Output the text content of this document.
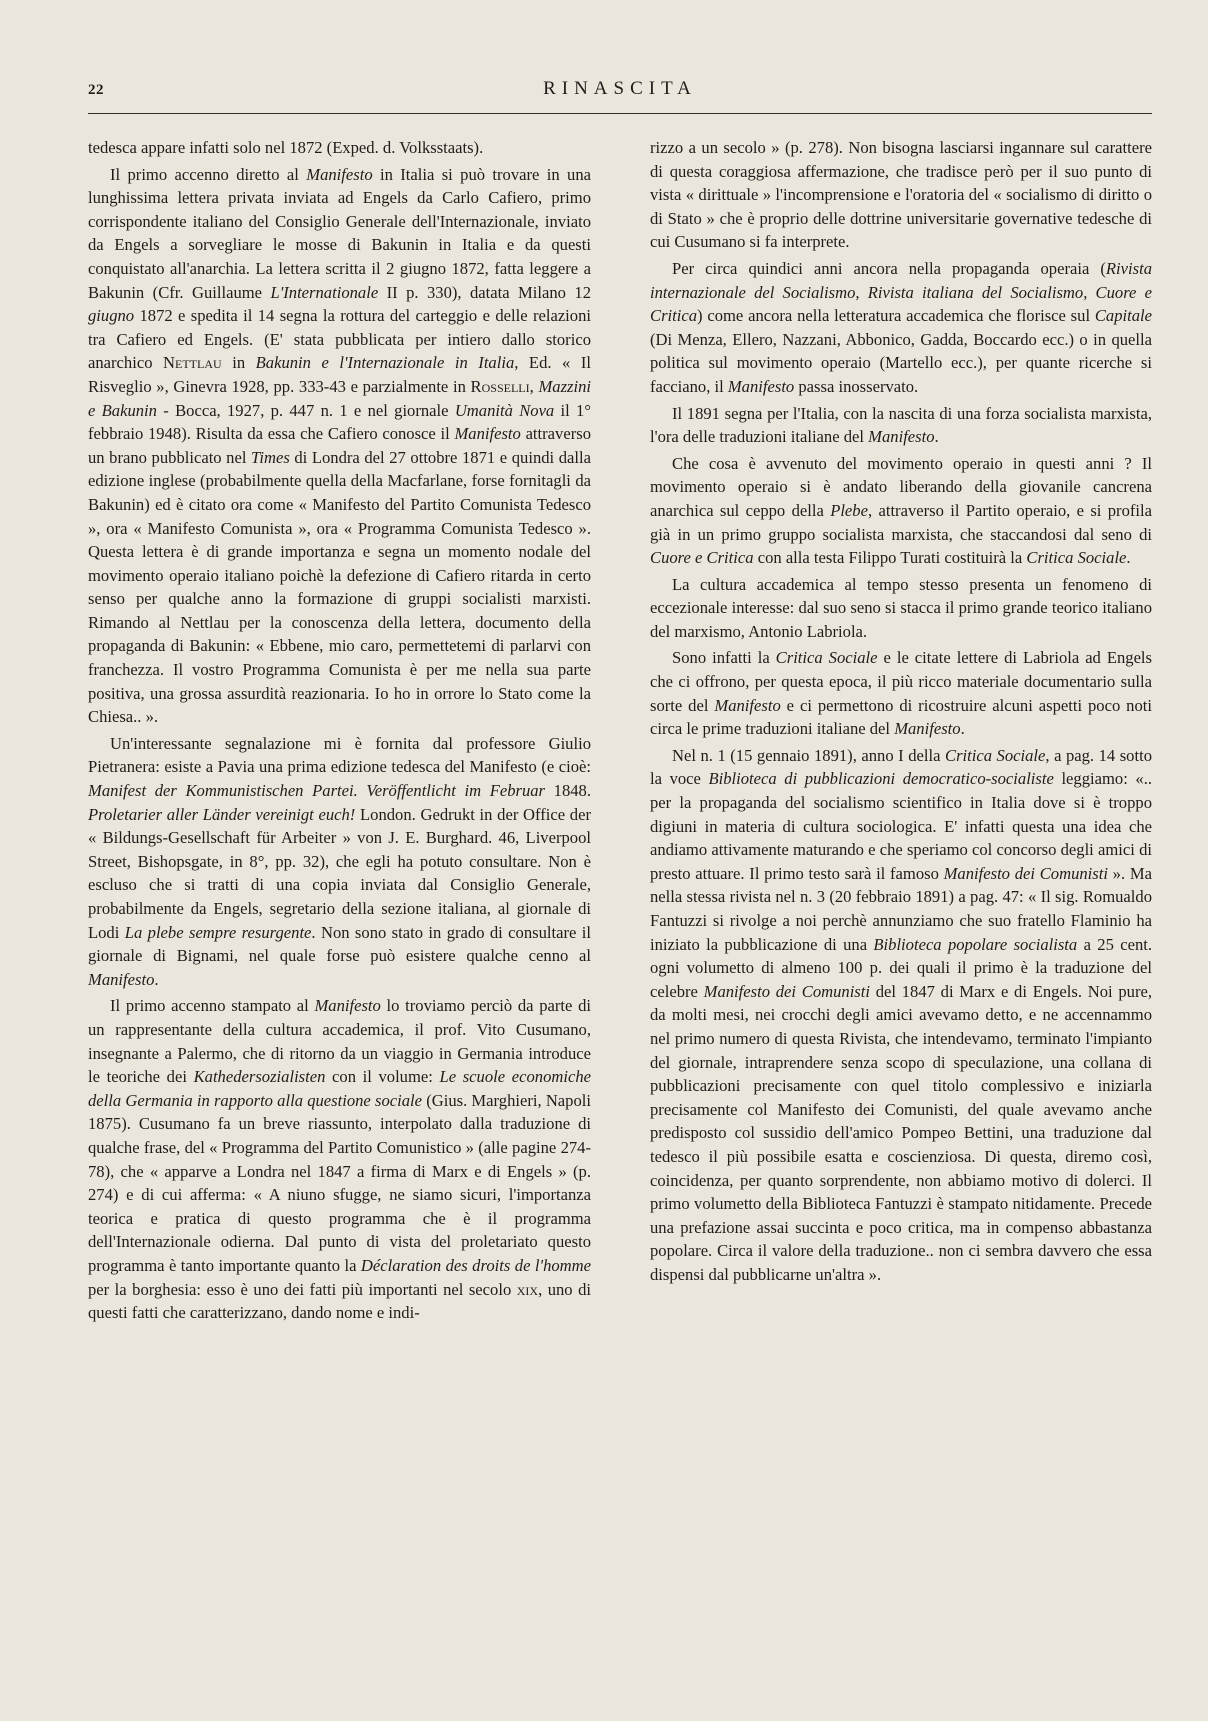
22	RINASCITA

tedesca appare infatti solo nel 1872 (Exped. d. Volksstaats).

Il primo accenno diretto al Manifesto in Italia si può trovare in una lunghissima lettera privata inviata ad Engels da Carlo Cafiero, primo corrispondente italiano del Consiglio Generale dell'Internazionale, inviato da Engels a sorvegliare le mosse di Bakunin in Italia e da questi conquistato all'anarchia. La lettera scritta il 2 giugno 1872, fatta leggere a Bakunin (Cfr. Guillaume L'Internationale II p. 330), datata Milano 12 giugno 1872 e spedita il 14 segna la rottura del carteggio e delle relazioni tra Cafiero ed Engels. (E' stata pubblicata per intiero dallo storico anarchico Nettlau in Bakunin e l'Internazionale in Italia, Ed. « Il Risveglio », Ginevra 1928, pp. 333-43 e parzialmente in Rosselli, Mazzini e Bakunin - Bocca, 1927, p. 447 n. 1 e nel giornale Umanità Nova il 1° febbraio 1948). Risulta da essa che Cafiero conosce il Manifesto attraverso un brano pubblicato nel Times di Londra del 27 ottobre 1871 e quindi dalla edizione inglese (probabilmente quella della Macfarlane, forse fornitagli da Bakunin) ed è citato ora come « Manifesto del Partito Comunista Tedesco », ora « Manifesto Comunista », ora « Programma Comunista Tedesco ». Questa lettera è di grande importanza e segna un momento nodale del movimento operaio italiano poichè la defezione di Cafiero ritarda in certo senso per qualche anno la formazione di gruppi socialisti marxisti. Rimando al Nettlau per la conoscenza della lettera, documento della propaganda di Bakunin: « Ebbene, mio caro, permettetemi di parlarvi con franchezza. Il vostro Programma Comunista è per me nella sua parte positiva, una grossa assurdità reazionaria. Io ho in orrore lo Stato come la Chiesa.. ».

Un'interessante segnalazione mi è fornita dal professore Giulio Pietranera: esiste a Pavia una prima edizione tedesca del Manifesto (e cioè: Manifest der Kommunistischen Partei. Veröffentlicht im Februar 1848. Proletarier aller Länder vereinigt euch! London. Gedrukt in der Office der « Bildungs-Gesellschaft für Arbeiter » von J. E. Burghard. 46, Liverpool Street, Bishopsgate, in 8°, pp. 32), che egli ha potuto consultare. Non è escluso che si tratti di una copia inviata dal Consiglio Generale, probabilmente da Engels, segretario della sezione italiana, al giornale di Lodi La plebe sempre resurgente. Non sono stato in grado di consultare il giornale di Bignami, nel quale forse può esistere qualche cenno al Manifesto.

Il primo accenno stampato al Manifesto lo troviamo perciò da parte di un rappresentante della cultura accademica, il prof. Vito Cusumano, insegnante a Palermo, che di ritorno da un viaggio in Germania introduce le teoriche dei Kathedersozialisten con il volume: Le scuole economiche della Germania in rapporto alla questione sociale (Gius. Marghieri, Napoli 1875). Cusumano fa un breve riassunto, interpolato dalla traduzione di qualche frase, del « Programma del Partito Comunistico » (alle pagine 274-78), che « apparve a Londra nel 1847 a firma di Marx e di Engels » (p. 274) e di cui afferma: « A niuno sfugge, ne siamo sicuri, l'importanza teorica e pratica di questo programma che è il programma dell'Internazionale odierna. Dal punto di vista del proletariato questo programma è tanto importante quanto la Déclaration des droits de l'homme per la borghesia: esso è uno dei fatti più importanti nel secolo xix, uno di questi fatti che caratterizzano, dando nome e indi-

rizzo a un secolo » (p. 278). Non bisogna lasciarsi ingannare sul carattere di questa coraggiosa affermazione, che tradisce però per il suo punto di vista « dirittuale » l'incomprensione e l'oratoria del « socialismo di diritto o di Stato » che è proprio delle dottrine universitarie governative tedesche di cui Cusumano si fa interprete.

Per circa quindici anni ancora nella propaganda operaia (Rivista internazionale del Socialismo, Rivista italiana del Socialismo, Cuore e Critica) come ancora nella letteratura accademica che florisce sul Capitale (Di Menza, Ellero, Nazzani, Abbonico, Gadda, Boccardo ecc.) o in quella politica sul movimento operaio (Martello ecc.), per quante ricerche si facciano, il Manifesto passa inosservato.

Il 1891 segna per l'Italia, con la nascita di una forza socialista marxista, l'ora delle traduzioni italiane del Manifesto.

Che cosa è avvenuto del movimento operaio in questi anni ? Il movimento operaio si è andato liberando della giovanile cancrena anarchica sul ceppo della Plebe, attraverso il Partito operaio, e si profila già in un primo gruppo socialista marxista, che staccandosi dal seno di Cuore e Critica con alla testa Filippo Turati costituirà la Critica Sociale.

La cultura accademica al tempo stesso presenta un fenomeno di eccezionale interesse: dal suo seno si stacca il primo grande teorico italiano del marxismo, Antonio Labriola.

Sono infatti la Critica Sociale e le citate lettere di Labriola ad Engels che ci offrono, per questa epoca, il più ricco materiale documentario sulla sorte del Manifesto e ci permettono di ricostruire alcuni aspetti poco noti circa le prime traduzioni italiane del Manifesto.

Nel n. 1 (15 gennaio 1891), anno I della Critica Sociale, a pag. 14 sotto la voce Biblioteca di pubblicazioni democratico-socialiste leggiamo: «.. per la propaganda del socialismo scientifico in Italia dove si è troppo digiuni in materia di cultura sociologica. E' infatti questa una idea che andiamo attivamente maturando e che speriamo col concorso degli amici di presto attuare. Il primo testo sarà il famoso Manifesto dei Comunisti ». Ma nella stessa rivista nel n. 3 (20 febbraio 1891) a pag. 47: « Il sig. Romualdo Fantuzzi si rivolge a noi perchè annunziamo che suo fratello Flaminio ha iniziato la pubblicazione di una Biblioteca popolare socialista a 25 cent. ogni volumetto di almeno 100 p. dei quali il primo è la traduzione del celebre Manifesto dei Comunisti del 1847 di Marx e di Engels. Noi pure, da molti mesi, nei crocchi degli amici avevamo detto, e ne accennammo nel primo numero di questa Rivista, che intendevamo, terminato l'impianto del giornale, intraprendere senza scopo di speculazione, una collana di pubblicazioni precisamente con quel titolo complessivo e iniziarla precisamente col Manifesto dei Comunisti, del quale avevamo anche predisposto col sussidio dell'amico Pompeo Bettini, una traduzione dal tedesco il più possibile esatta e coscienziosa. Di questa, diremo così, coincidenza, per quanto sorprendente, non abbiamo motivo di dolerci. Il primo volumetto della Biblioteca Fantuzzi è stampato nitidamente. Precede una prefazione assai succinta e poco critica, ma in compenso abbastanza popolare. Circa il valore della traduzione.. non ci sembra davvero che essa dispensi dal pubblicarne un'altra ».
